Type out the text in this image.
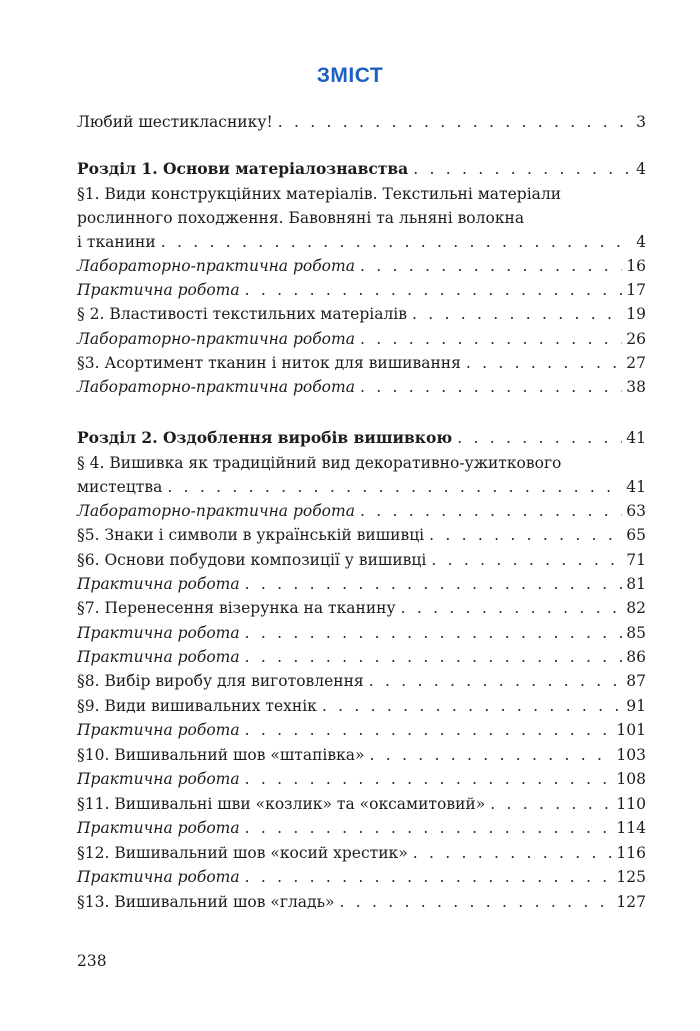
ЗМІСТ
Любий шестикласнику! . . .	3
Розділ 1. Основи матеріалознавства . . .	4
§1. Види конструкційних матеріалів. Текстильні матеріали
рослинного походження. Бавовняні та льняні волокна
і тканини . . .	4
Лабораторно-практична робота . . .	16
Практична робота . . .	17
§ 2. Властивості текстильних матеріалів . . .	19
Лабораторно-практична робота . . .	26
§3. Асортимент тканин і ниток для вишивання . . .	27
Лабораторно-практична робота . . .	38
Розділ 2. Оздоблення виробів вишивкою . . .	41
§ 4. Вишивка як традиційний вид декоративно-ужиткового
мистецтва . . .	41
Лабораторно-практична робота . . .	63
§5. Знаки і символи в українській вишивці . . .	65
§6. Основи побудови композиції у вишивці . . .	71
Практична робота . . .	81
§7. Перенесення візерунка на тканину . . .	82
Практична робота . . .	85
Практична робота . . .	86
§8. Вибір виробу для виготовлення . . .	87
§9. Види вишивальних технік . . .	91
Практична робота . . .	101
§10. Вишивальний шов «штапівка» . . .	103
Практична робота . . .	108
§11. Вишивальні шви «козлик» та «оксамитовий» . . .	110
Практична робота . . .	114
§12. Вишивальний шов «косий хрестик» . . .	116
Практична робота . . .	125
§13. Вишивальний шов «гладь» . . .	127
238
